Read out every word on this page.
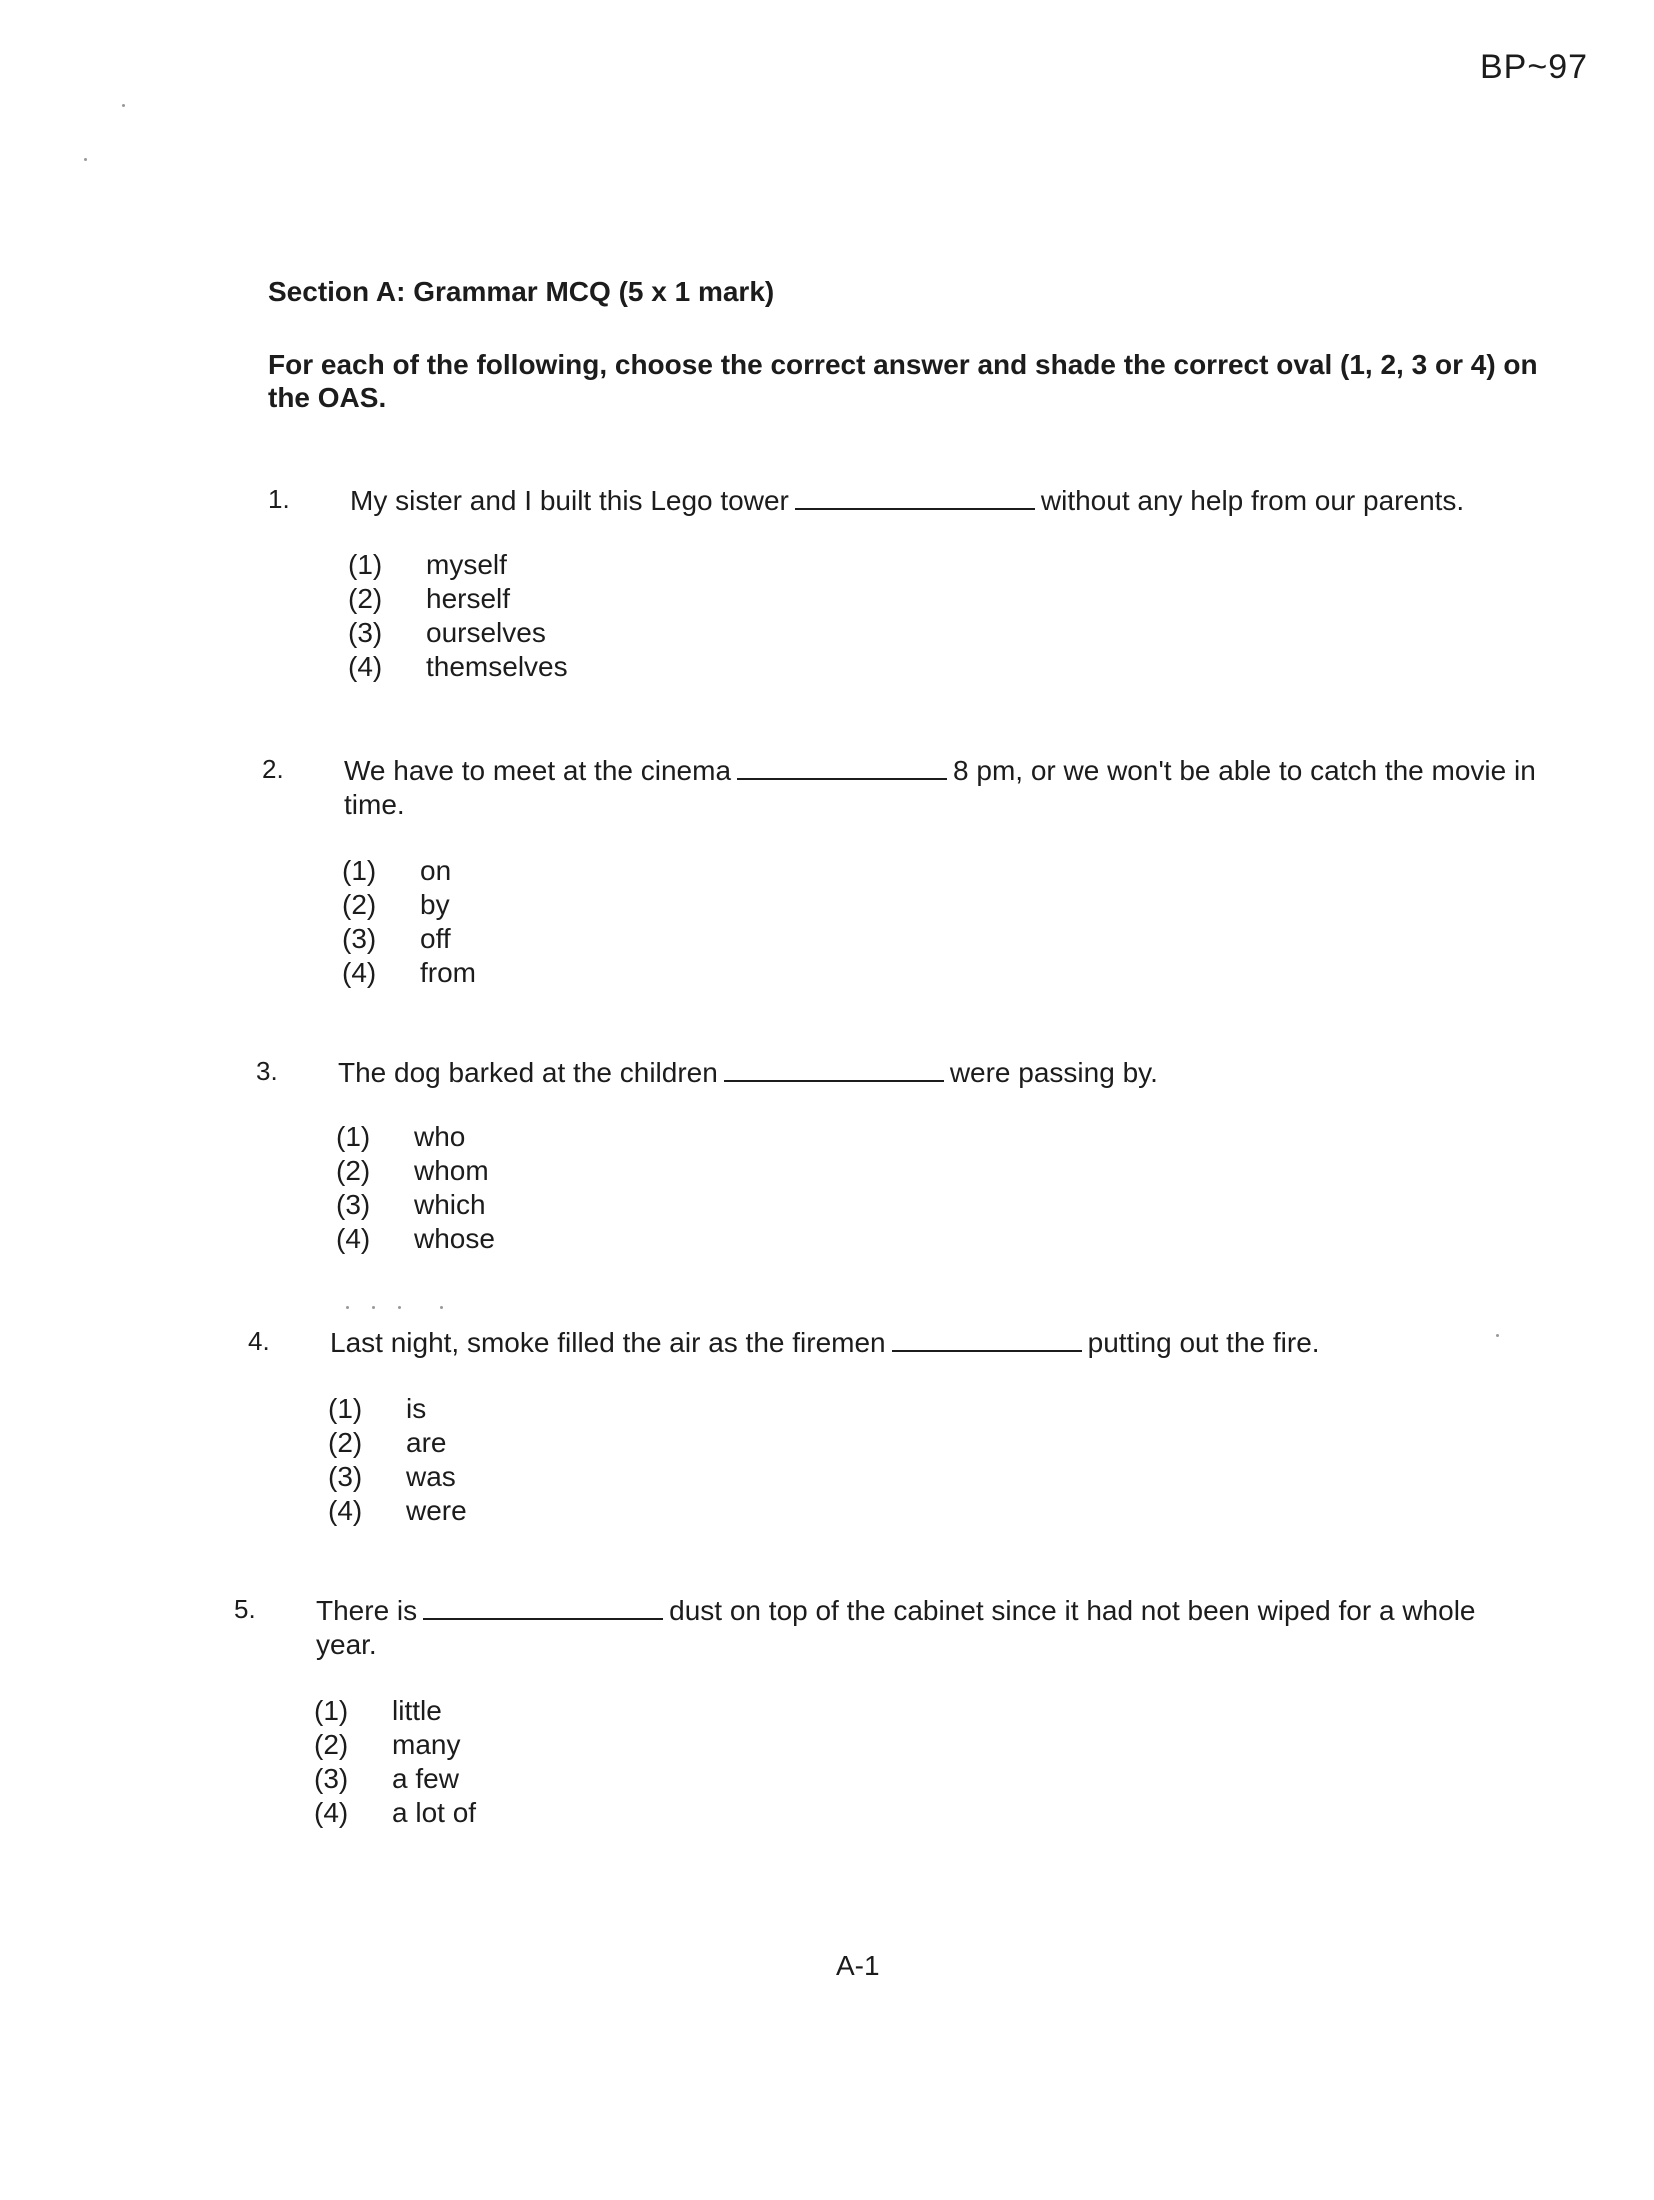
BP~97
Section A: Grammar MCQ (5 x 1 mark)
For each of the following, choose the correct answer and shade the correct oval (1, 2, 3 or 4) on the OAS.
1. My sister and I built this Lego tower	without any help from our parents.
(1) myself
(2) herself
(3) ourselves
(4) themselves
2. We have to meet at the cinema	8 pm, or we won't be able to catch the movie in time.
(1) on
(2) by
(3) off
(4) from
3. The dog barked at the children	were passing by.
(1) who
(2) whom
(3) which
(4) whose
4. Last night, smoke filled the air as the firemen	putting out the fire.
(1) is
(2) are
(3) was
(4) were
5. There is	dust on top of the cabinet since it had not been wiped for a whole year.
(1) little
(2) many
(3) a few
(4) a lot of
A-1
